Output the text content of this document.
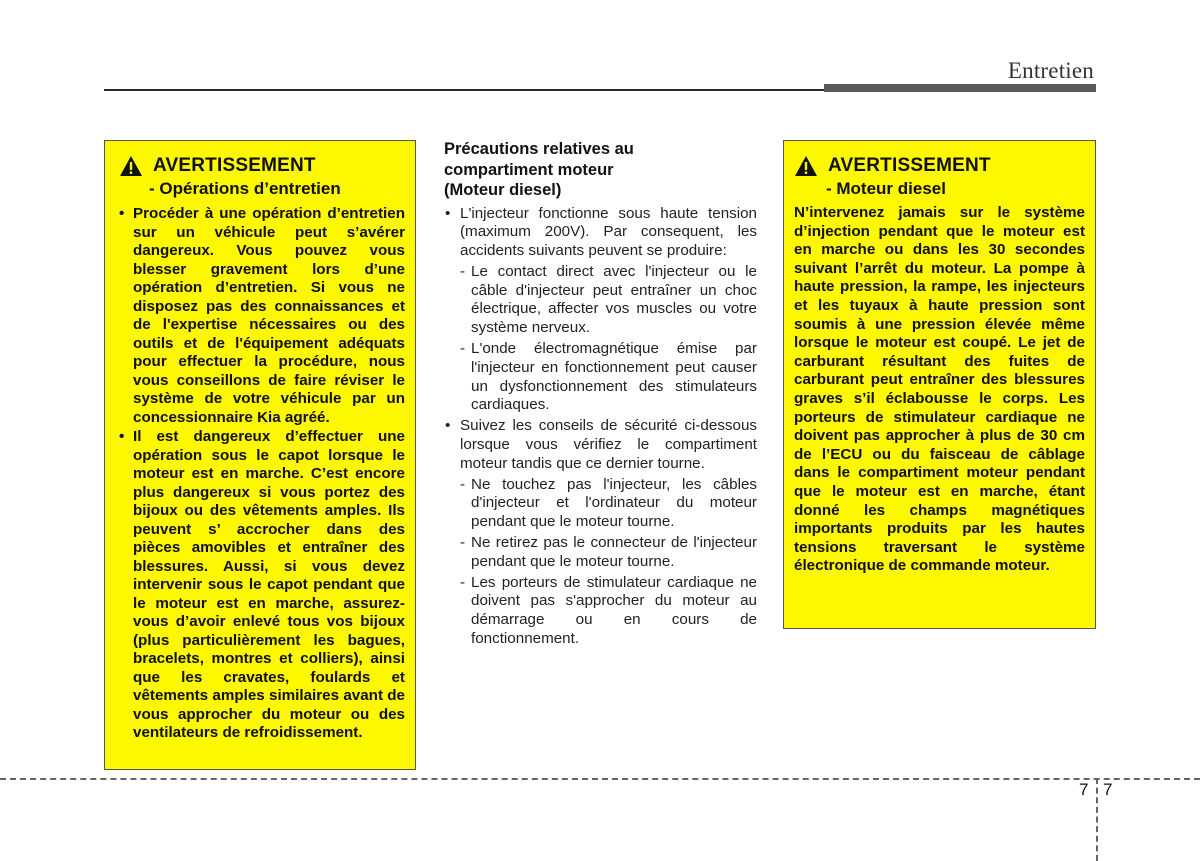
Entretien
AVERTISSEMENT
- Opérations d’entretien
• Procéder à une opération d’entretien sur un véhicule peut s’avérer dangereux. Vous pouvez vous blesser gravement lors d’une opération d’entretien. Si vous ne disposez pas des connaissances et de l'expertise nécessaires ou des outils et de l'équipement adéquats pour effectuer la procédure, nous vous conseillons de faire réviser le système de votre véhicule par un concessionnaire Kia agréé.
• Il est dangereux d’effectuer une opération sous le capot lorsque le moteur est en marche. C’est encore plus dangereux si vous portez des bijoux ou des vêtements amples. Ils peuvent s’ accrocher dans des pièces amovibles et entraîner des blessures. Aussi, si vous devez intervenir sous le capot pendant que le moteur est en marche, assurez-vous d’avoir enlevé tous vos bijoux (plus particulièrement les bagues, bracelets, montres et colliers), ainsi que les cravates, foulards et vêtements amples similaires avant de vous approcher du moteur ou des ventilateurs de refroidissement.
Précautions relatives au
compartiment moteur
(Moteur diesel)
• L'injecteur fonctionne sous haute tension (maximum 200V). Par consequent, les accidents suivants peuvent se produire:
- Le contact direct avec l'injecteur ou le câble d'injecteur peut entraîner un choc électrique, affecter vos muscles ou votre système nerveux.
- L'onde électromagnétique émise par l'injecteur en fonctionnement peut causer un dysfonctionnement des stimulateurs cardiaques.
• Suivez les conseils de sécurité ci-dessous lorsque vous vérifiez le compartiment moteur tandis que ce dernier tourne.
- Ne touchez pas l'injecteur, les câbles d'injecteur et l'ordinateur du moteur pendant que le moteur tourne.
- Ne retirez pas le connecteur de l'injecteur pendant que le moteur tourne.
- Les porteurs de stimulateur cardiaque ne doivent pas s'approcher du moteur au démarrage ou en cours de fonctionnement.
AVERTISSEMENT
- Moteur diesel
N’intervenez jamais sur le système d’injection pendant que le moteur est en marche ou dans les 30 secondes suivant l’arrêt du moteur. La pompe à haute pression, la rampe, les injecteurs et les tuyaux à haute pression sont soumis à une pression élevée même lorsque le moteur est coupé. Le jet de carburant résultant des fuites de carburant peut entraîner des blessures graves s’il éclabousse le corps. Les porteurs de stimulateur cardiaque ne doivent pas approcher à plus de 30 cm de l’ECU ou du faisceau de câblage dans le compartiment moteur pendant que le moteur est en marche, étant donné les champs magnétiques importants produits par les hautes tensions traversant le système électronique de commande moteur.
7 7
